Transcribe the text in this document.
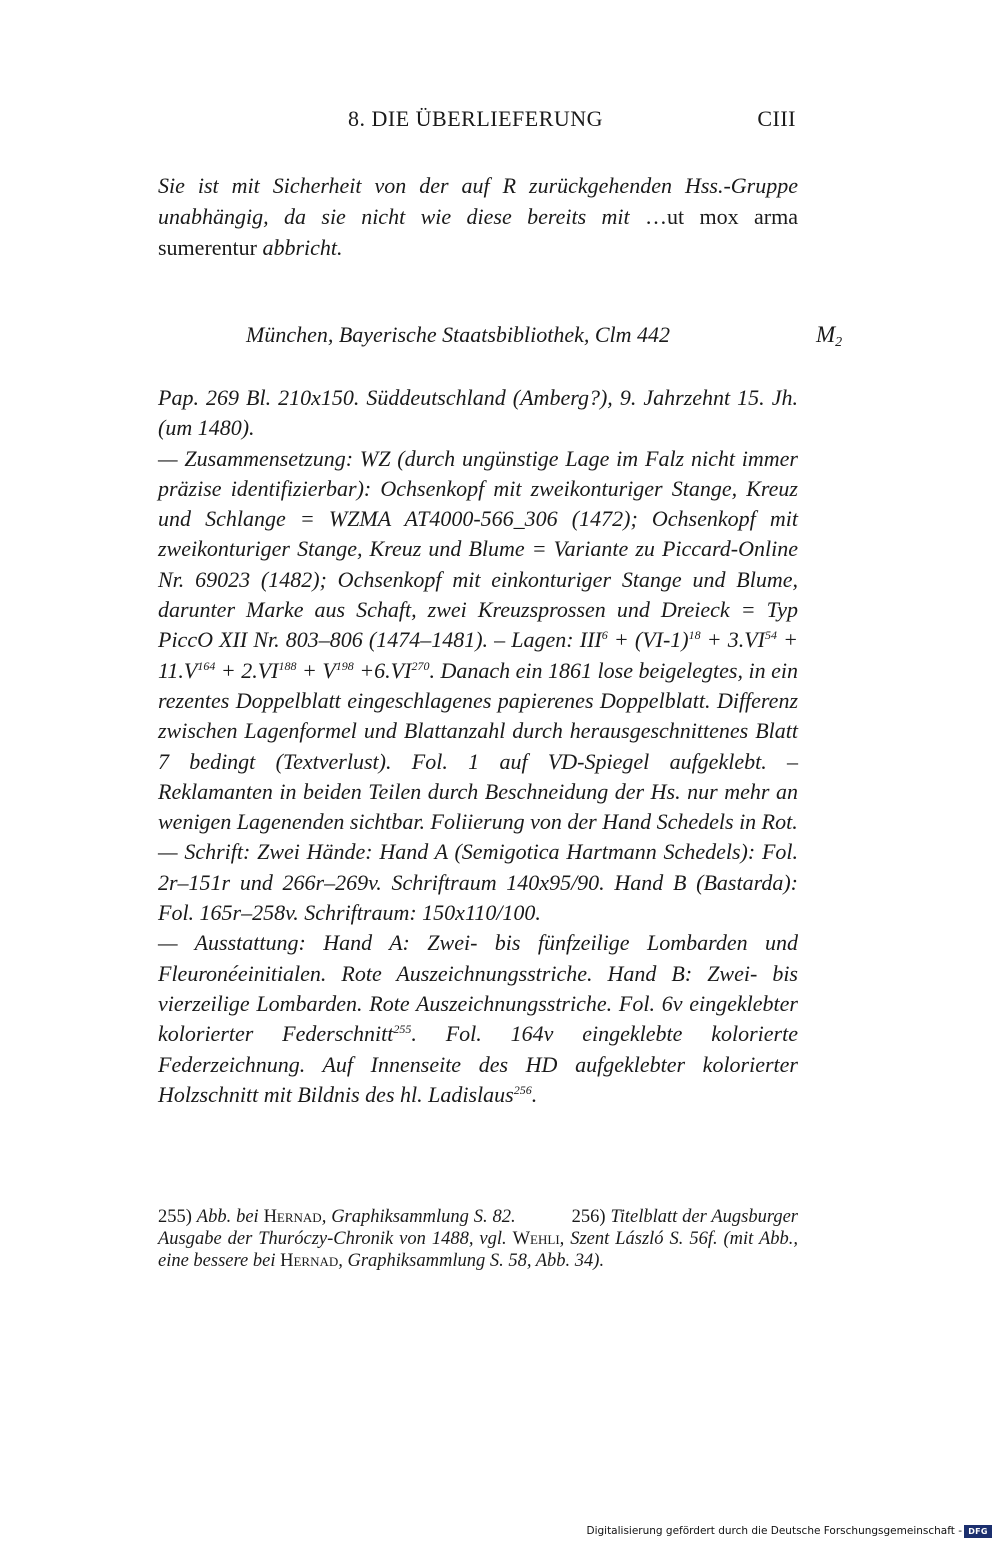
8. DIE ÜBERLIEFERUNG	CIII
Sie ist mit Sicherheit von der auf R zurückgehenden Hss.-Gruppe unabhängig, da sie nicht wie diese bereits mit …ut mox arma sumerentur abbricht.
München, Bayerische Staatsbibliothek, Clm 442	$M_2$

Pap. 269 Bl. 210x150. Süddeutschland (Amberg?), 9. Jahrzehnt 15. Jh. (um 1480).

— Zusammensetzung: WZ (durch ungünstige Lage im Falz nicht immer präzise identifizierbar): Ochsenkopf mit zweikonturiger Stange, Kreuz und Schlange = WZMA AT4000-566_306 (1472); Ochsenkopf mit zweikonturiger Stange, Kreuz und Blume = Variante zu Piccard-Online Nr. 69023 (1482); Ochsenkopf mit einkonturiger Stange und Blume, darunter Marke aus Schaft, zwei Kreuzsprossen und Dreieck = Typ PiccO XII Nr. 803–806 (1474–1481). – Lagen: $III^6 + (VI-1)^{18} + 3.VI^{54} + 11.V^{164} + 2.VI^{188} + V^{198} +6.VI^{270}$. Danach ein 1861 lose beigelegtes, in ein rezentes Doppelblatt eingeschlagenes papierenes Doppelblatt. Differenz zwischen Lagenformel und Blattanzahl durch herausgeschnittenes Blatt 7 bedingt (Textverlust). Fol. 1 auf VD-Spiegel aufgeklebt. – Reklamanten in beiden Teilen durch Beschneidung der Hs. nur mehr an wenigen Lagenenden sichtbar. Foliierung von der Hand Schedels in Rot.

— Schrift: Zwei Hände: Hand A (Semigotica Hartmann Schedels): Fol. 2r–151r und 266r–269v. Schriftraum 140x95/90. Hand B (Bastarda): Fol. 165r–258v. Schriftraum: 150x110/100.

— Ausstattung: Hand A: Zwei- bis fünfzeilige Lombarden und Fleuronéeinitialen. Rote Auszeichnungsstriche. Hand B: Zwei- bis vierzeilige Lombarden. Rote Auszeichnungsstriche. Fol. 6v eingeklebter kolorierter Federschnitt$^{255}$. Fol. 164v eingeklebte kolorierte Federzeichnung. Auf Innenseite des HD aufgeklebter kolorierter Holzschnitt mit Bildnis des hl. Ladislaus$^{256}$.

255) Abb. bei Hernad, Graphiksammlung S. 82.	256) Titelblatt der Augsburger Ausgabe der Thuróczy-Chronik von 1488, vgl. Wehli, Szent László S. 56f. (mit Abb., eine bessere bei Hernad, Graphiksammlung S. 58, Abb. 34).
Digitalisierung gefördert durch die Deutsche Forschungsgemeinschaft - DFG
